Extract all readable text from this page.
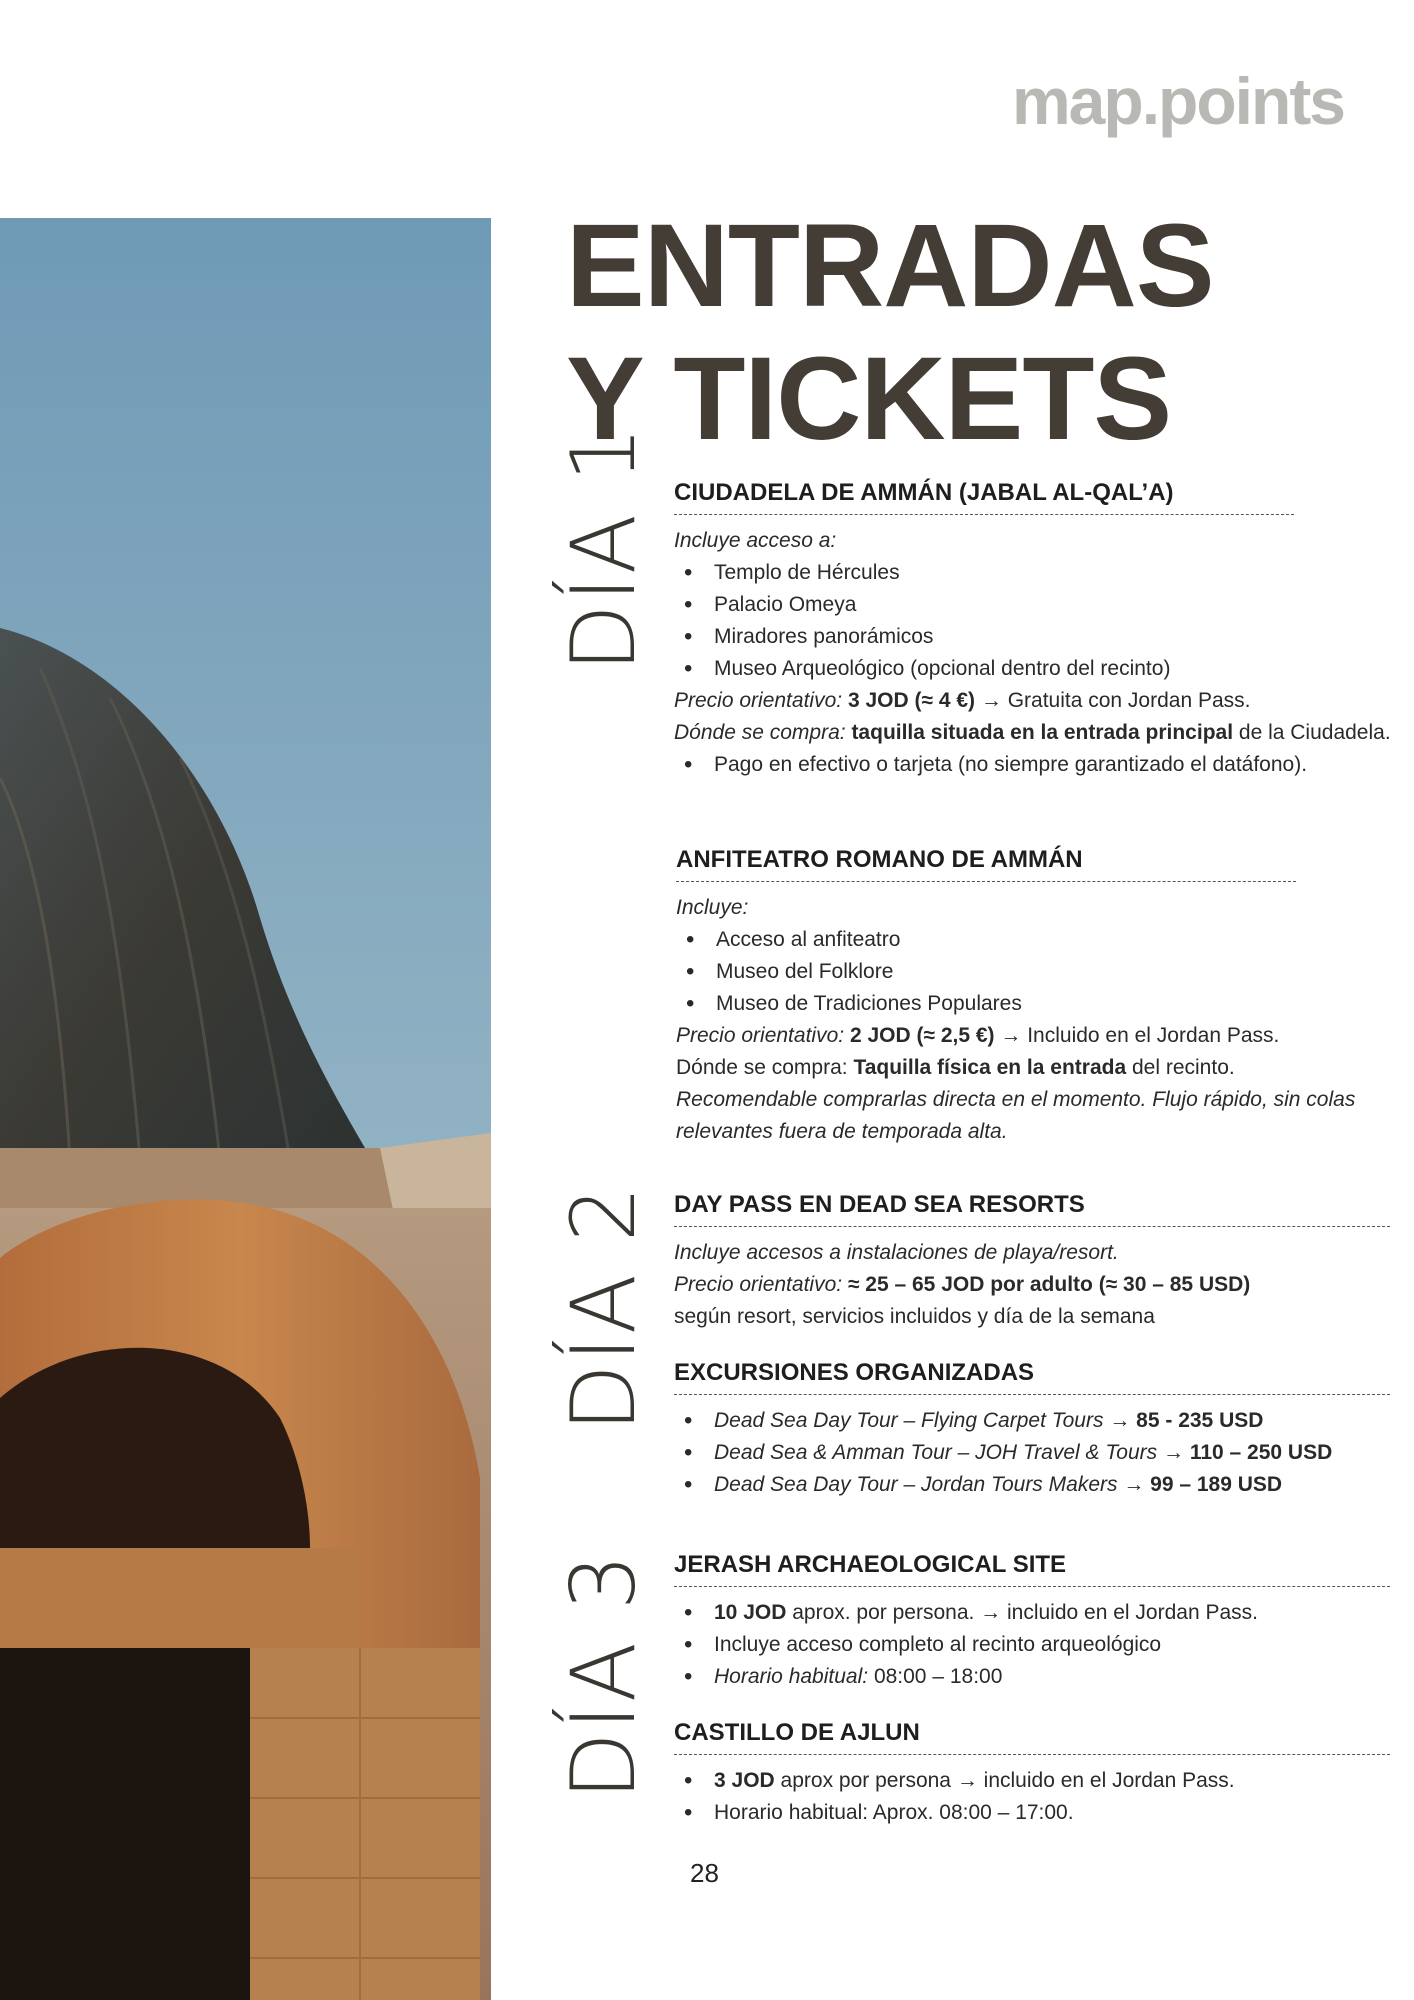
map.points
ENTRADAS
Y TICKETS
DÍA 1
DÍA 2
DÍA 3
CIUDADELA DE AMMÁN (JABAL AL-QAL’A)

Incluye acceso a:

• Templo de Hércules
• Palacio Omeya
• Miradores panorámicos
• Museo Arqueológico (opcional dentro del recinto)

Precio orientativo: 3 JOD (≈ 4 €) → Gratuita con Jordan Pass.

Dónde se compra: taquilla situada en la entrada principal de la Ciudadela.

• Pago en efectivo o tarjeta (no siempre garantizado el datáfono).
ANFITEATRO ROMANO DE AMMÁN

Incluye:

• Acceso al anfiteatro
• Museo del Folklore
• Museo de Tradiciones Populares

Precio orientativo: 2 JOD (≈ 2,5 €) → Incluido en el Jordan Pass.

Dónde se compra: Taquilla física en la entrada del recinto.

Recomendable comprarlas directa en el momento. Flujo rápido, sin colas relevantes fuera de temporada alta.

DAY PASS EN DEAD SEA RESORTS

Incluye accesos a instalaciones de playa/resort.

Precio orientativo: ≈ 25 – 65 JOD por adulto (≈ 30 – 85 USD)

según resort, servicios incluidos y día de la semana

EXCURSIONES ORGANIZADAS
• Dead Sea Day Tour – Flying Carpet Tours → 85 - 235 USD
• Dead Sea & Amman Tour – JOH Travel & Tours → 110 – 250 USD
• Dead Sea Day Tour – Jordan Tours Makers → 99 – 189 USD
JERASH ARCHAEOLOGICAL SITE
• 10 JOD aprox. por persona. → incluido en el Jordan Pass.
• Incluye acceso completo al recinto arqueológico
• Horario habitual: 08:00 – 18:00
CASTILLO DE AJLUN
• 3 JOD aprox por persona → incluido en el Jordan Pass.
• Horario habitual: Aprox. 08:00 – 17:00.
28
